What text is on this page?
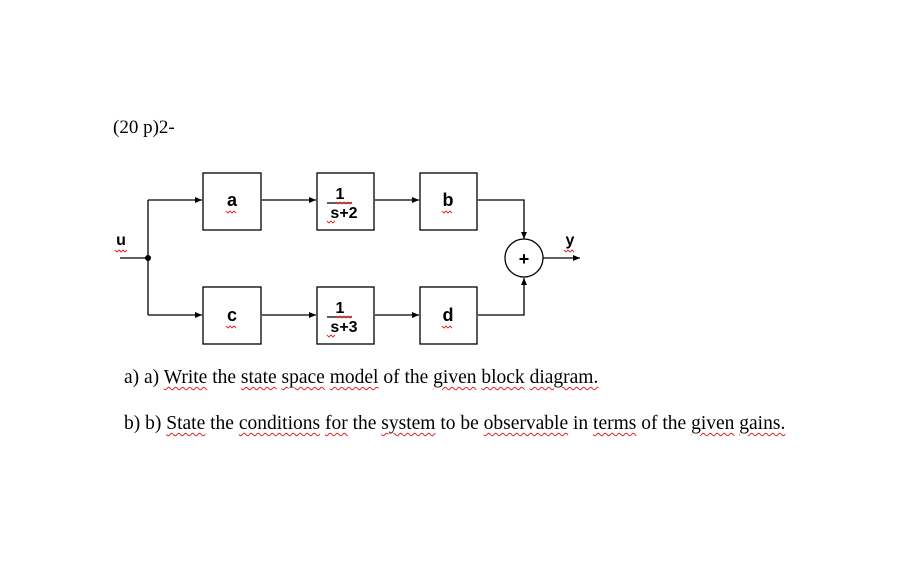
(20 p)2-
u	y
+
a	1
s+2
b
c	1
s+3
d
a) a) Write the state space model of the given block diagram.
b) b) State the conditions for the system to be observable in terms of the given gains.
